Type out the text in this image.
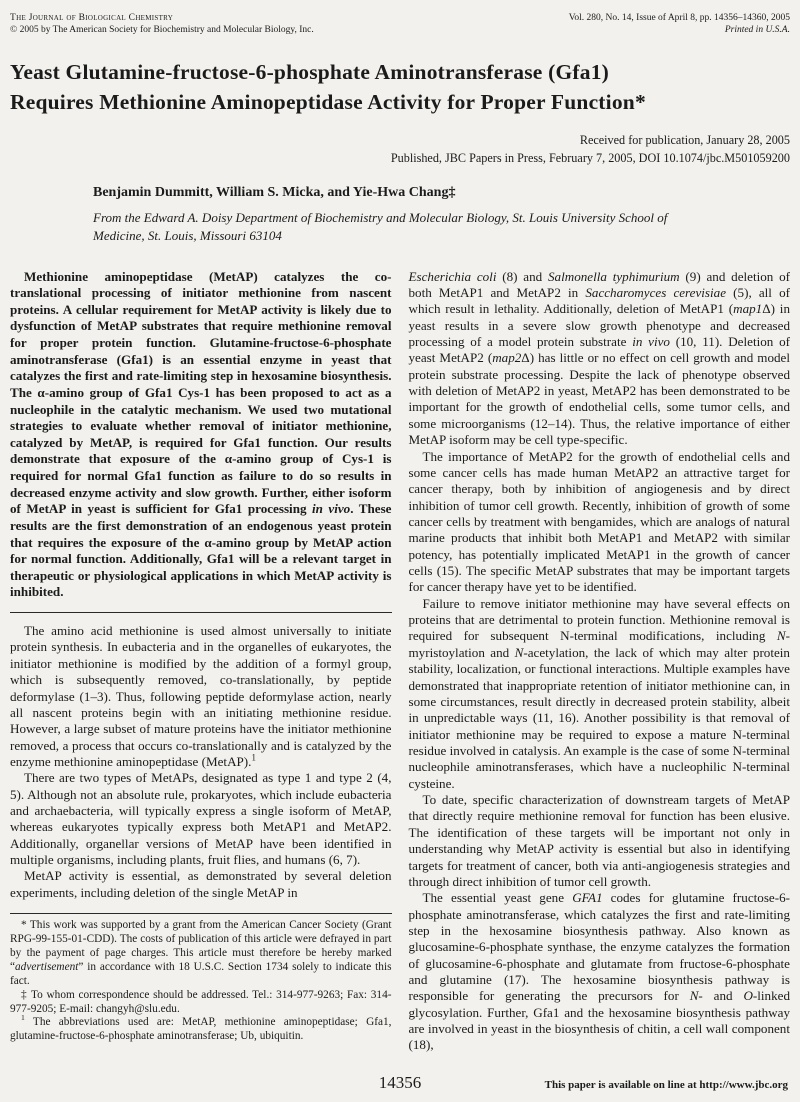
The Journal of Biological Chemistry
© 2005 by The American Society for Biochemistry and Molecular Biology, Inc.
Vol. 280, No. 14, Issue of April 8, pp. 14356–14360, 2005
Printed in U.S.A.
Yeast Glutamine-fructose-6-phosphate Aminotransferase (Gfa1)
Requires Methionine Aminopeptidase Activity for Proper Function*
Received for publication, January 28, 2005
Published, JBC Papers in Press, February 7, 2005, DOI 10.1074/jbc.M501059200
Benjamin Dummitt, William S. Micka, and Yie-Hwa Chang‡
From the Edward A. Doisy Department of Biochemistry and Molecular Biology, St. Louis University School of Medicine, St. Louis, Missouri 63104

Methionine aminopeptidase (MetAP) catalyzes the co-translational processing of initiator methionine from nascent proteins. A cellular requirement for MetAP activity is likely due to dysfunction of MetAP substrates that require methionine removal for proper protein function. Glutamine-fructose-6-phosphate aminotransferase (Gfa1) is an essential enzyme in yeast that catalyzes the first and rate-limiting step in hexosamine biosynthesis. The α-amino group of Gfa1 Cys-1 has been proposed to act as a nucleophile in the catalytic mechanism. We used two mutational strategies to evaluate whether removal of initiator methionine, catalyzed by MetAP, is required for Gfa1 function. Our results demonstrate that exposure of the α-amino group of Cys-1 is required for normal Gfa1 function as failure to do so results in decreased enzyme activity and slow growth. Further, either isoform of MetAP in yeast is sufficient for Gfa1 processing in vivo. These results are the first demonstration of an endogenous yeast protein that requires the exposure of the α-amino group by MetAP action for normal function. Additionally, Gfa1 will be a relevant target in therapeutic or physiological applications in which MetAP activity is inhibited.

The amino acid methionine is used almost universally to initiate protein synthesis. In eubacteria and in the organelles of eukaryotes, the initiator methionine is modified by the addition of a formyl group, which is subsequently removed, co-translationally, by peptide deformylase (1–3). Thus, following peptide deformylase action, nearly all nascent proteins begin with an initiating methionine residue. However, a large subset of mature proteins have the initiator methionine removed, a process that occurs co-translationally and is catalyzed by the enzyme methionine aminopeptidase (MetAP).$^1$

There are two types of MetAPs, designated as type 1 and type 2 (4, 5). Although not an absolute rule, prokaryotes, which include eubacteria and archaebacteria, will typically express a single isoform of MetAP, whereas eukaryotes typically express both MetAP1 and MetAP2. Additionally, organellar versions of MetAP have been identified in multiple organisms, including plants, fruit flies, and humans (6, 7).

MetAP activity is essential, as demonstrated by several deletion experiments, including deletion of the single MetAP in

* This work was supported by a grant from the American Cancer Society (Grant RPG-99-155-01-CDD). The costs of publication of this article were defrayed in part by the payment of page charges. This article must therefore be hereby marked “advertisement” in accordance with 18 U.S.C. Section 1734 solely to indicate this fact.

‡ To whom correspondence should be addressed. Tel.: 314-977-9263; Fax: 314-977-9205; E-mail: changyh@slu.edu.

$^1$ The abbreviations used are: MetAP, methionine aminopeptidase; Gfa1, glutamine-fructose-6-phosphate aminotransferase; Ub, ubiquitin.

Escherichia coli (8) and Salmonella typhimurium (9) and deletion of both MetAP1 and MetAP2 in Saccharomyces cerevisiae (5), all of which result in lethality. Additionally, deletion of MetAP1 (map1Δ) in yeast results in a severe slow growth phenotype and decreased processing of a model protein substrate in vivo (10, 11). Deletion of yeast MetAP2 (map2Δ) has little or no effect on cell growth and model protein substrate processing. Despite the lack of phenotype observed with deletion of MetAP2 in yeast, MetAP2 has been demonstrated to be important for the growth of endothelial cells, some tumor cells, and some microorganisms (12–14). Thus, the relative importance of either MetAP isoform may be cell type-specific.

The importance of MetAP2 for the growth of endothelial cells and some cancer cells has made human MetAP2 an attractive target for cancer therapy, both by inhibition of angiogenesis and by direct inhibition of tumor cell growth. Recently, inhibition of growth of some cancer cells by treatment with bengamides, which are analogs of natural marine products that inhibit both MetAP1 and MetAP2 with similar potency, has potentially implicated MetAP1 in the growth of cancer cells (15). The specific MetAP substrates that may be important targets for cancer therapy have yet to be identified.

Failure to remove initiator methionine may have several effects on proteins that are detrimental to protein function. Methionine removal is required for subsequent N-terminal modifications, including N-myristoylation and N-acetylation, the lack of which may alter protein stability, localization, or functional interactions. Multiple examples have demonstrated that inappropriate retention of initiator methionine can, in some circumstances, result directly in decreased protein stability, albeit in unpredictable ways (11, 16). Another possibility is that removal of initiator methionine may be required to expose a mature N-terminal residue involved in catalysis. An example is the case of some N-terminal nucleophile aminotransferases, which have a nucleophilic N-terminal cysteine.

To date, specific characterization of downstream targets of MetAP that directly require methionine removal for function has been elusive. The identification of these targets will be important not only in understanding why MetAP activity is essential but also in identifying targets for treatment of cancer, both via anti-angiogenesis strategies and through direct inhibition of tumor cell growth.

The essential yeast gene GFA1 codes for glutamine fructose-6-phosphate aminotransferase, which catalyzes the first and rate-limiting step in the hexosamine biosynthesis pathway. Also known as glucosamine-6-phosphate synthase, the enzyme catalyzes the formation of glucosamine-6-phosphate and glutamate from fructose-6-phosphate and glutamine (17). The hexosamine biosynthesis pathway is responsible for generating the precursors for N- and O-linked glycosylation. Further, Gfa1 and the hexosamine biosynthesis pathway are involved in yeast in the biosynthesis of chitin, a cell wall component (18),

14356	This paper is available on line at http://www.jbc.org
